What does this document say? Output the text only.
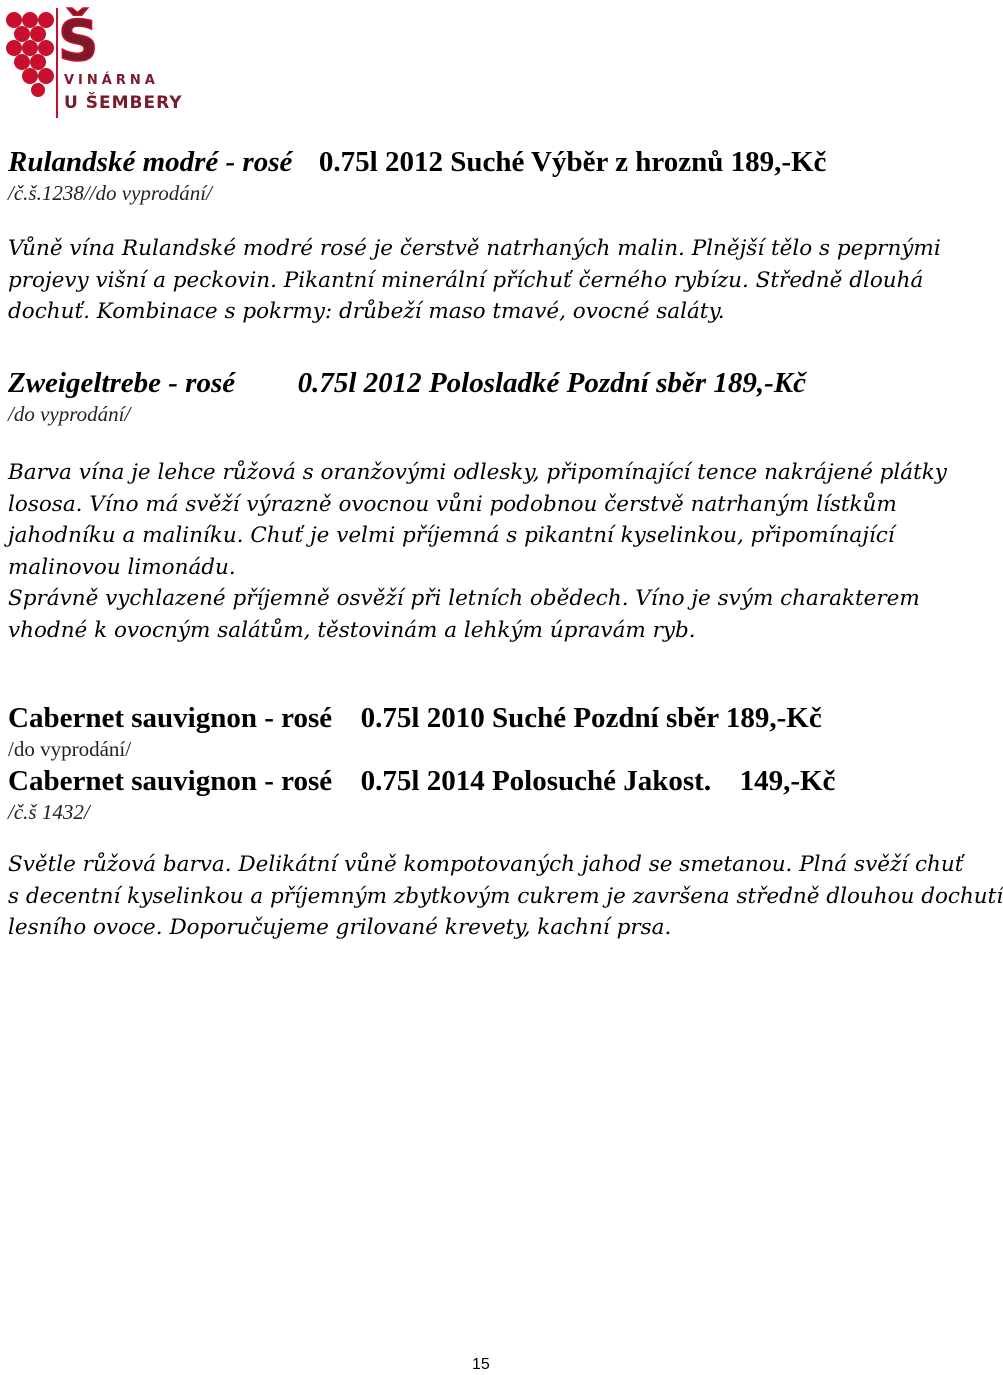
Š
VINÁRNA
U ŠEMBERY
Rulandské modré - rosé 0.75l 2012 Suché Výběr z hroznů 189,-Kč
/č.š.1238//do vyprodání/
Vůně vína Rulandské modré rosé je čerstvě natrhaných malin. Plnější tělo s peprnými
projevy višní a peckovin. Pikantní minerální příchuť černého rybízu. Středně dlouhá
dochuť. Kombinace s pokrmy: drůbeží maso tmavé, ovocné saláty.
Zweigeltrebe - rosé 0.75l 2012 Polosladké Pozdní sběr 189,-Kč
/do vyprodání/
Barva vína je lehce růžová s oranžovými odlesky, připomínající tence nakrájené plátky
lososa. Víno má svěží výrazně ovocnou vůni podobnou čerstvě natrhaným lístkům
jahodníku a maliníku. Chuť je velmi příjemná s pikantní kyselinkou, připomínající
malinovou limonádu.
Správně vychlazené příjemně osvěží při letních obědech. Víno je svým charakterem
vhodné k ovocným salátům, těstovinám a lehkým úpravám ryb.
Cabernet sauvignon - rosé 0.75l 2010 Suché Pozdní sběr 189,-Kč
/do vyprodání/
Cabernet sauvignon - rosé 0.75l 2014 Polosuché Jakost. 149,-Kč
/č.š 1432/
Světle růžová barva. Delikátní vůně kompotovaných jahod se smetanou. Plná svěží chuť
s decentní kyselinkou a příjemným zbytkovým cukrem je završena středně dlouhou dochutí
lesního ovoce. Doporučujeme grilované krevety, kachní prsa.
15
